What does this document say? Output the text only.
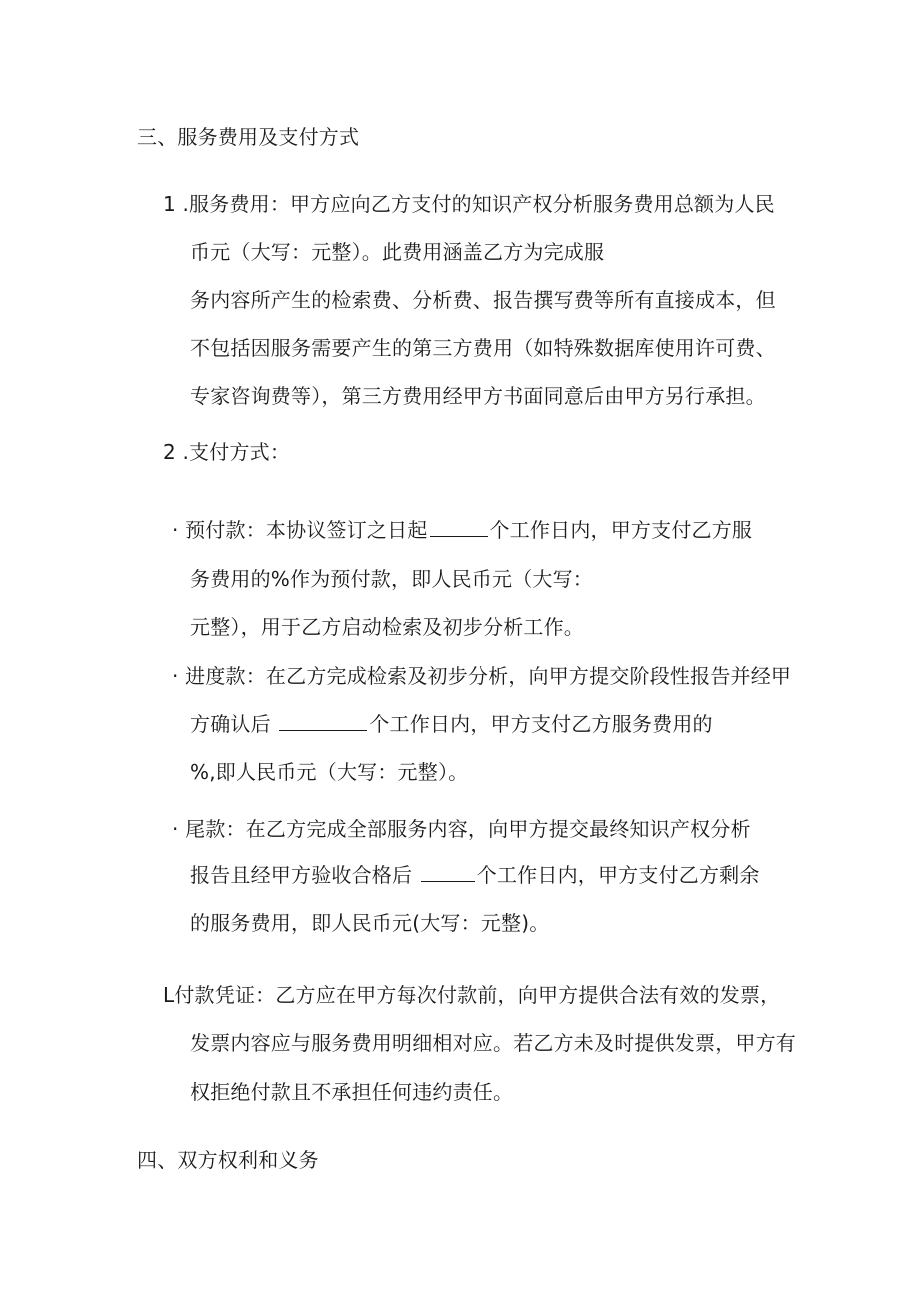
三、服务费用及支付方式
1 .服务费用：甲方应向乙方支付的知识产权分析服务费用总额为人民
币元（大写：元整）。此费用涵盖乙方为完成服
务内容所产生的检索费、分析费、报告撰写费等所有直接成本，但
不包括因服务需要产生的第三方费用（如特殊数据库使用许可费、
专家咨询费等），第三方费用经甲方书面同意后由甲方另行承担。
2 .支付方式：
· 预付款：本协议签订之日起	个工作日内，甲方支付乙方服
务费用的%作为预付款，即人民币元（大写：
元整），用于乙方启动检索及初步分析工作。
· 进度款：在乙方完成检索及初步分析，向甲方提交阶段性报告并经甲
方确认后	个工作日内，甲方支付乙方服务费用的
%,即人民币元（大写：元整）。
· 尾款：在乙方完成全部服务内容，向甲方提交最终知识产权分析
报告且经甲方验收合格后	个工作日内，甲方支付乙方剩余
的服务费用，即人民币元(大写：元整)。
L付款凭证：乙方应在甲方每次付款前，向甲方提供合法有效的发票，
发票内容应与服务费用明细相对应。若乙方未及时提供发票，甲方有
权拒绝付款且不承担任何违约责任。
四、双方权利和义务
